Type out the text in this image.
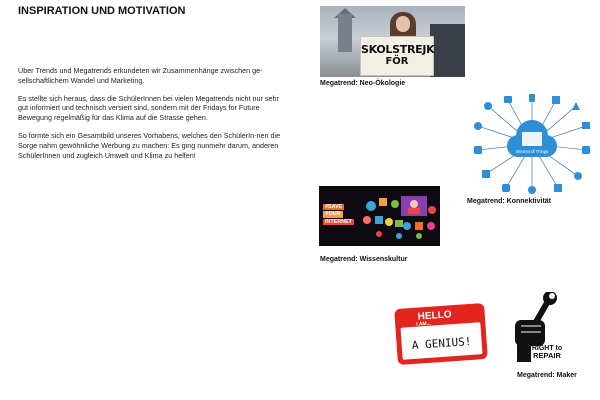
INSPIRATION UND MOTIVATION

Über Trends und Megatrends erkundeten wir Zusammenhänge zwischen ge-sellschaftlichem Wandel und Marketing.

Es stellte sich heraus, dass die SchülerInnen bei vielen Megatrends nicht nur sehr gut informiert und technisch versiert sind, sondern mit der Fridays for Future Bewegung regelmäßig für das Klima auf die Strasse gehen.

So formte sich ein Gesamtbild unseres Vorhabens, welches den SchülerIn-nen die Sorge nahm gewöhnliche Werbung zu machen: Es ging nunmehr darum, anderen SchülerInnen und zugleich Umwelt und Klima zu helfen!

SKOLSTREJK
FÖR
Megatrend: Neo-Ökologie
Internet of Things
Megatrend: Konnektivität
#SAVE
YOUR
INTERNET
Megatrend: Wissenskultur
HELLO
I AM...
A GENIUS!	RIGHT to
REPAIR
Megatrend: Maker
